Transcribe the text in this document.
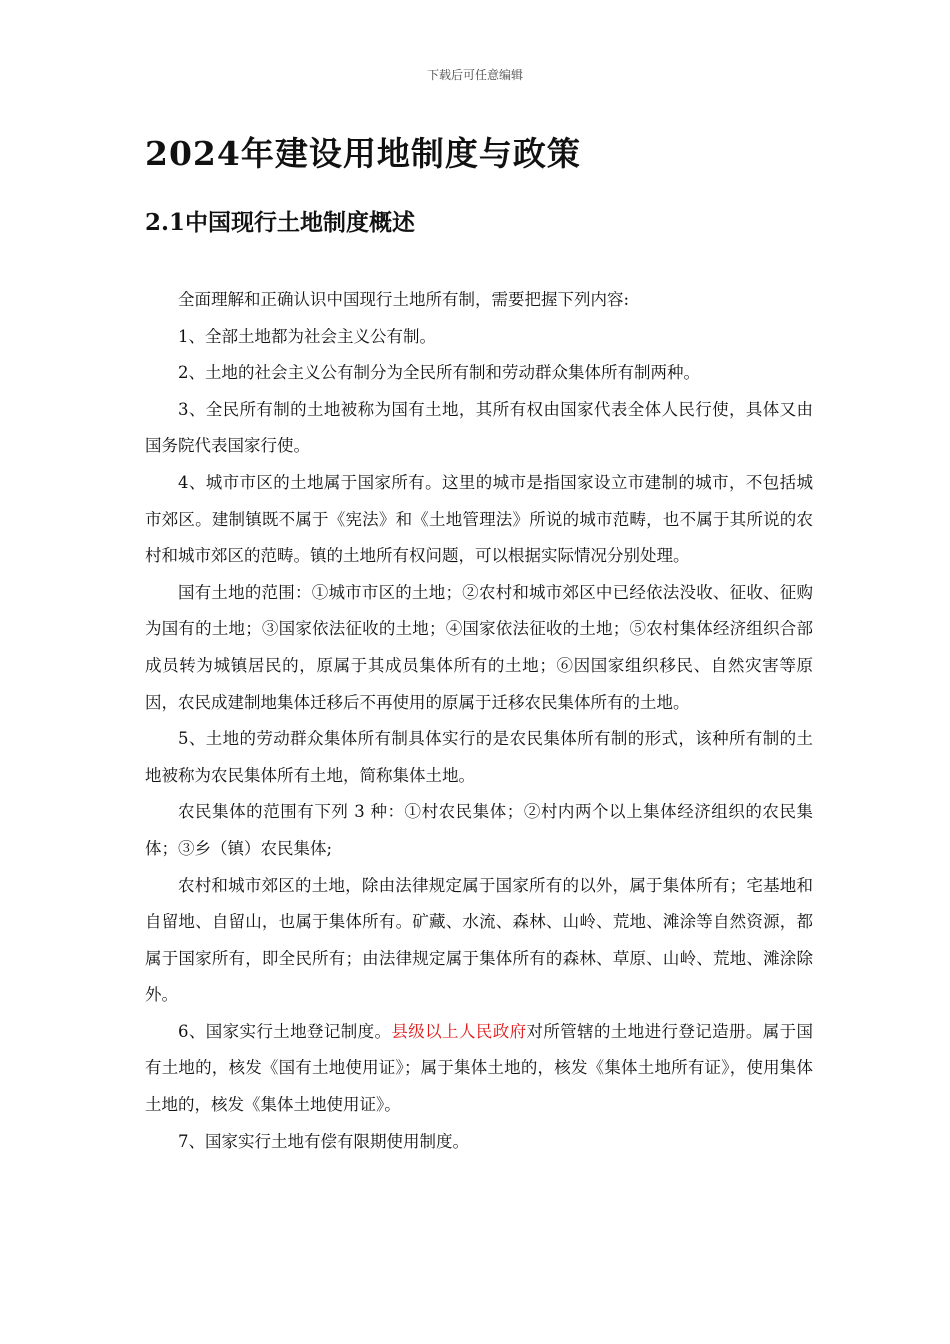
下载后可任意编辑
2024年建设用地制度与政策
2.1中国现行土地制度概述

全面理解和正确认识中国现行土地所有制，需要把握下列内容:

1、全部土地都为社会主义公有制。

2、土地的社会主义公有制分为全民所有制和劳动群众集体所有制两种。

3、全民所有制的土地被称为国有土地，其所有权由国家代表全体人民行使，具体又由国务院代表国家行使。

4、城市市区的土地属于国家所有。这里的城市是指国家设立市建制的城市，不包括城市郊区。建制镇既不属于《宪法》和《土地管理法》所说的城市范畴，也不属于其所说的农村和城市郊区的范畴。镇的土地所有权问题，可以根据实际情况分别处理。

国有土地的范围：①城市市区的土地；②农村和城市郊区中已经依法没收、征收、征购为国有的土地；③国家依法征收的土地；④国家依法征收的土地；⑤农村集体经济组织合部成员转为城镇居民的，原属于其成员集体所有的土地；⑥因国家组织移民、自然灾害等原因，农民成建制地集体迁移后不再使用的原属于迁移农民集体所有的土地。

5、土地的劳动群众集体所有制具体实行的是农民集体所有制的形式，该种所有制的土地被称为农民集体所有土地，简称集体土地。

农民集体的范围有下列 3 种：①村农民集体；②村内两个以上集体经济组织的农民集体；③乡（镇）农民集体;

农村和城市郊区的土地，除由法律规定属于国家所有的以外，属于集体所有；宅基地和自留地、自留山，也属于集体所有。矿藏、水流、森林、山岭、荒地、滩涂等自然资源，都属于国家所有，即全民所有；由法律规定属于集体所有的森林、草原、山岭、荒地、滩涂除外。

6、国家实行土地登记制度。县级以上人民政府对所管辖的土地进行登记造册。属于国有土地的，核发《国有土地使用证》；属于集体土地的，核发《集体土地所有证》，使用集体土地的，核发《集体土地使用证》。

7、国家实行土地有偿有限期使用制度。
